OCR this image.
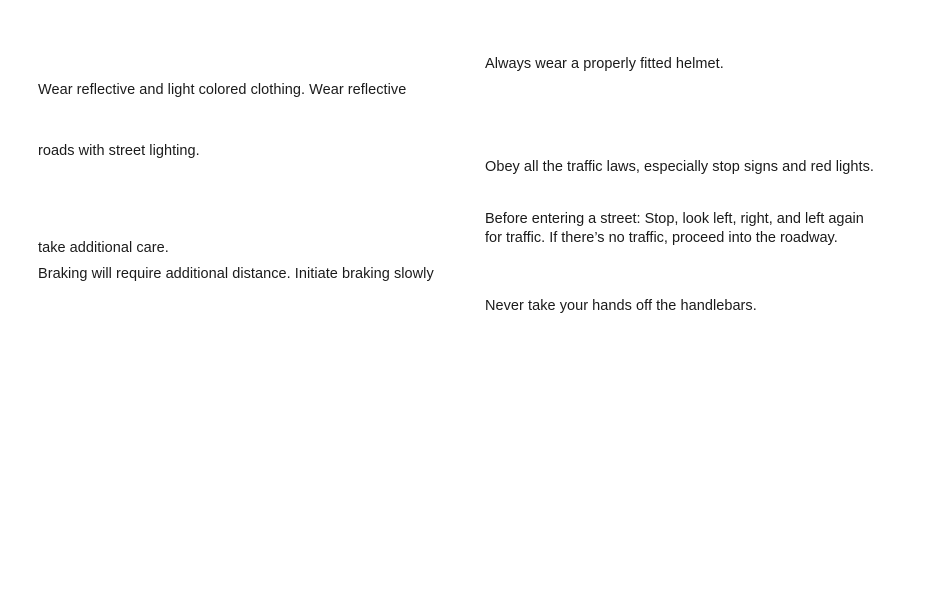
Wear reflective and light colored clothing. Wear reflective
roads with street lighting.
take additional care.
Braking will require additional distance. Initiate braking slowly
Always wear a properly fitted helmet.
Obey all the traffic laws, especially stop signs and red lights.
Before entering a street: Stop, look left, right, and left again
for traffic. If there’s no traffic, proceed into the roadway.
Never take your hands off the handlebars.
